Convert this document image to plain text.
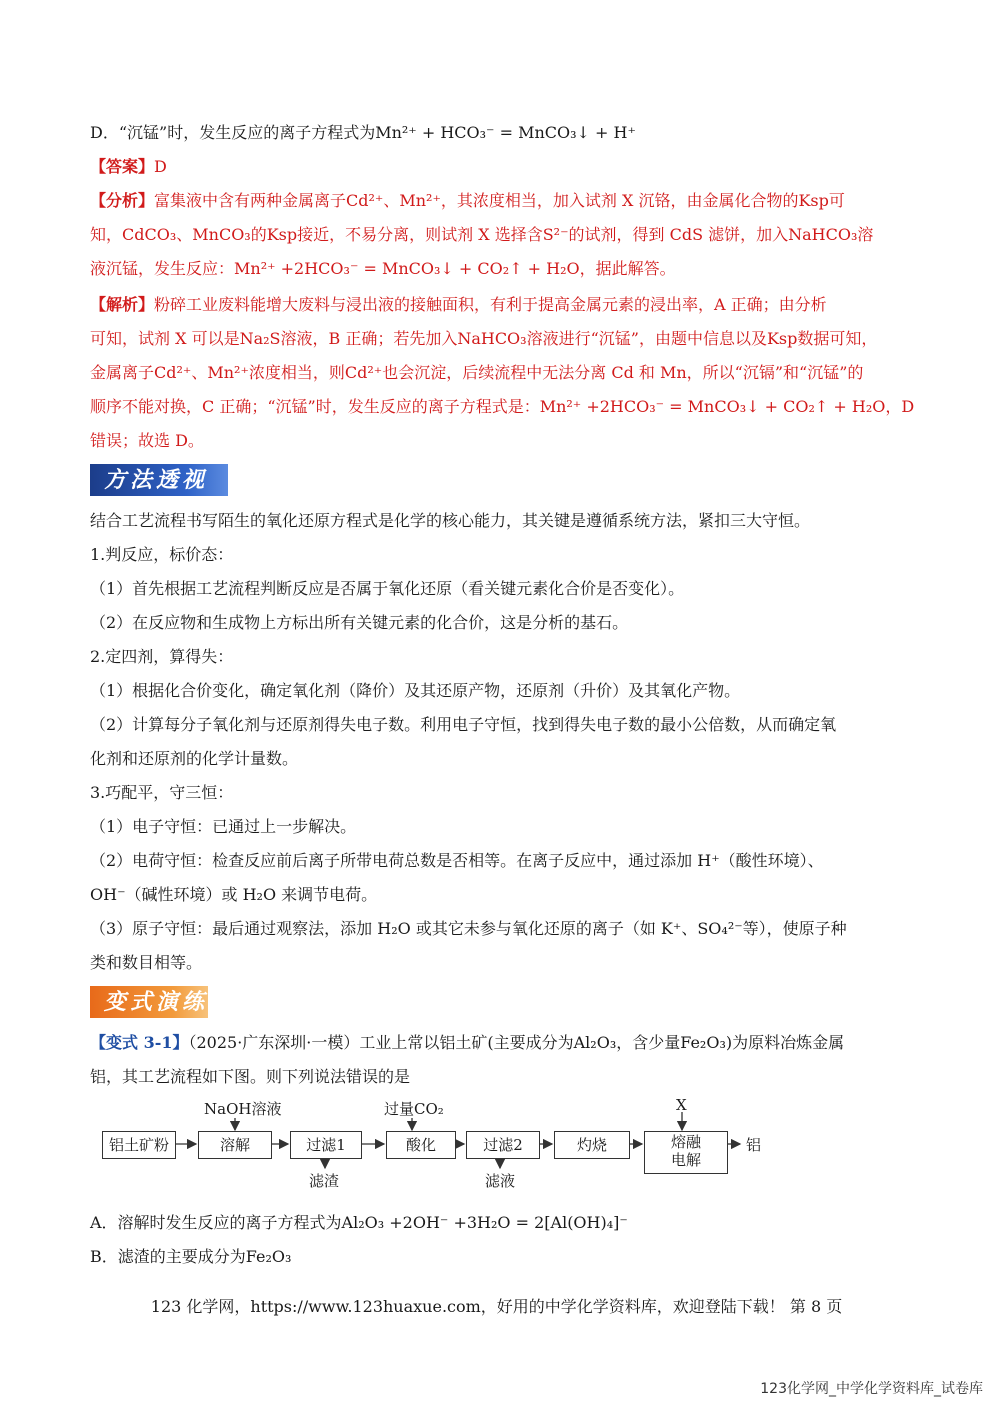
D．“沉锰”时，发生反应的离子方程式为Mn²⁺ + HCO₃⁻ = MnCO₃↓ + H⁺
【答案】D
【分析】富集液中含有两种金属离子Cd²⁺、Mn²⁺，其浓度相当，加入试剂 X 沉铬，由金属化合物的Ksp可
知，CdCO₃、MnCO₃的Ksp接近，不易分离，则试剂 X 选择含S²⁻的试剂，得到 CdS 滤饼，加入NaHCO₃溶
液沉锰，发生反应：Mn²⁺ +2HCO₃⁻ = MnCO₃↓ + CO₂↑ + H₂O，据此解答。
【解析】粉碎工业废料能增大废料与浸出液的接触面积，有利于提高金属元素的浸出率，A 正确；由分析
可知，试剂 X 可以是Na₂S溶液，B 正确；若先加入NaHCO₃溶液进行“沉锰”，由题中信息以及Ksp数据可知，
金属离子Cd²⁺、Mn²⁺浓度相当，则Cd²⁺也会沉淀，后续流程中无法分离 Cd 和 Mn，所以“沉镉”和“沉锰”的
顺序不能对换，C 正确；“沉锰”时，发生反应的离子方程式是：Mn²⁺ +2HCO₃⁻ = MnCO₃↓ + CO₂↑ + H₂O，D
错误；故选 D。
方法透视
结合工艺流程书写陌生的氧化还原方程式是化学的核心能力，其关键是遵循系统方法，紧扣三大守恒。
1.判反应，标价态：
（1）首先根据工艺流程判断反应是否属于氧化还原（看关键元素化合价是否变化）。
（2）在反应物和生成物上方标出所有关键元素的化合价，这是分析的基石。
2.定四剂，算得失：
（1）根据化合价变化，确定氧化剂（降价）及其还原产物，还原剂（升价）及其氧化产物。
（2）计算每分子氧化剂与还原剂得失电子数。利用电子守恒，找到得失电子数的最小公倍数，从而确定氧
化剂和还原剂的化学计量数。
3.巧配平，守三恒：
（1）电子守恒：已通过上一步解决。
（2）电荷守恒：检查反应前后离子所带电荷总数是否相等。在离子反应中，通过添加 H⁺（酸性环境）、
OH⁻（碱性环境）或 H₂O 来调节电荷。
（3）原子守恒：最后通过观察法，添加 H₂O 或其它未参与氧化还原的离子（如 K⁺、SO₄²⁻等），使原子种
类和数目相等。
变式演练
【变式 3-1】（2025·广东深圳·一模）工业上常以铝土矿(主要成分为Al₂O₃，含少量Fe₂O₃)为原料冶炼金属
铝，其工艺流程如下图。则下列说法错误的是
铝土矿粉	溶解	过滤1	酸化	过滤2	灼烧	熔融
电解
NaOH溶液	过量CO₂	X
滤渣	滤液
铝
A．溶解时发生反应的离子方程式为Al₂O₃ +2OH⁻ +3H₂O = 2[Al(OH)₄]⁻
B．滤渣的主要成分为Fe₂O₃
123 化学网，https://www.123huaxue.com，好用的中学化学资料库，欢迎登陆下载！ 第 8 页
123化学网_中学化学资料库_试卷库
